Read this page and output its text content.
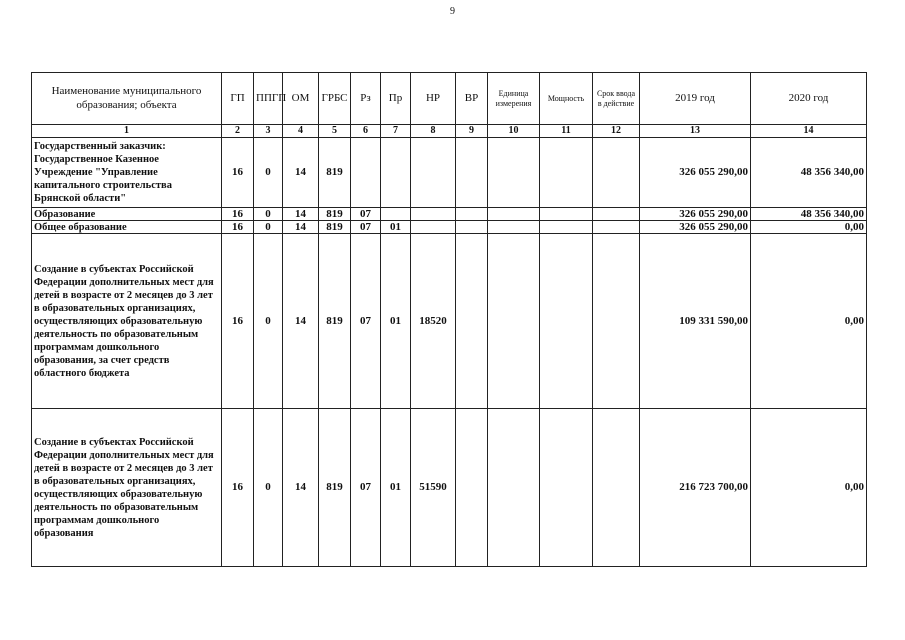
9
Наименование муниципального образования; объекта	ГП	ППГП	ОМ	ГРБС	Рз	Пр	НР	ВР	Единица измерения	Мощность	Срок ввода в действие	2019 год	2020 год
1	2	3	4	5	6	7	8	9	10	11	12	13	14
Государственный заказчик: Государственное Казенное Учреждение "Управление капитального строительства Брянской области"	16	0	14	819								326 055 290,00	48 356 340,00
Образование	16	0	14	819	07							326 055 290,00	48 356 340,00
Общее образование	16	0	14	819	07	01						326 055 290,00	0,00
Создание в субъектах Российской Федерации дополнительных мест для детей в возрасте от 2 месяцев до 3 лет в образовательных организациях, осуществляющих образовательную деятельность по образовательным программам дошкольного образования, за счет средств областного бюджета	16	0	14	819	07	01	18520					109 331 590,00	0,00
Создание в субъектах Российской Федерации дополнительных мест для детей в возрасте от 2 месяцев до 3 лет в образовательных организациях, осуществляющих образовательную деятельность по образовательным программам дошкольного образования	16	0	14	819	07	01	51590					216 723 700,00	0,00
